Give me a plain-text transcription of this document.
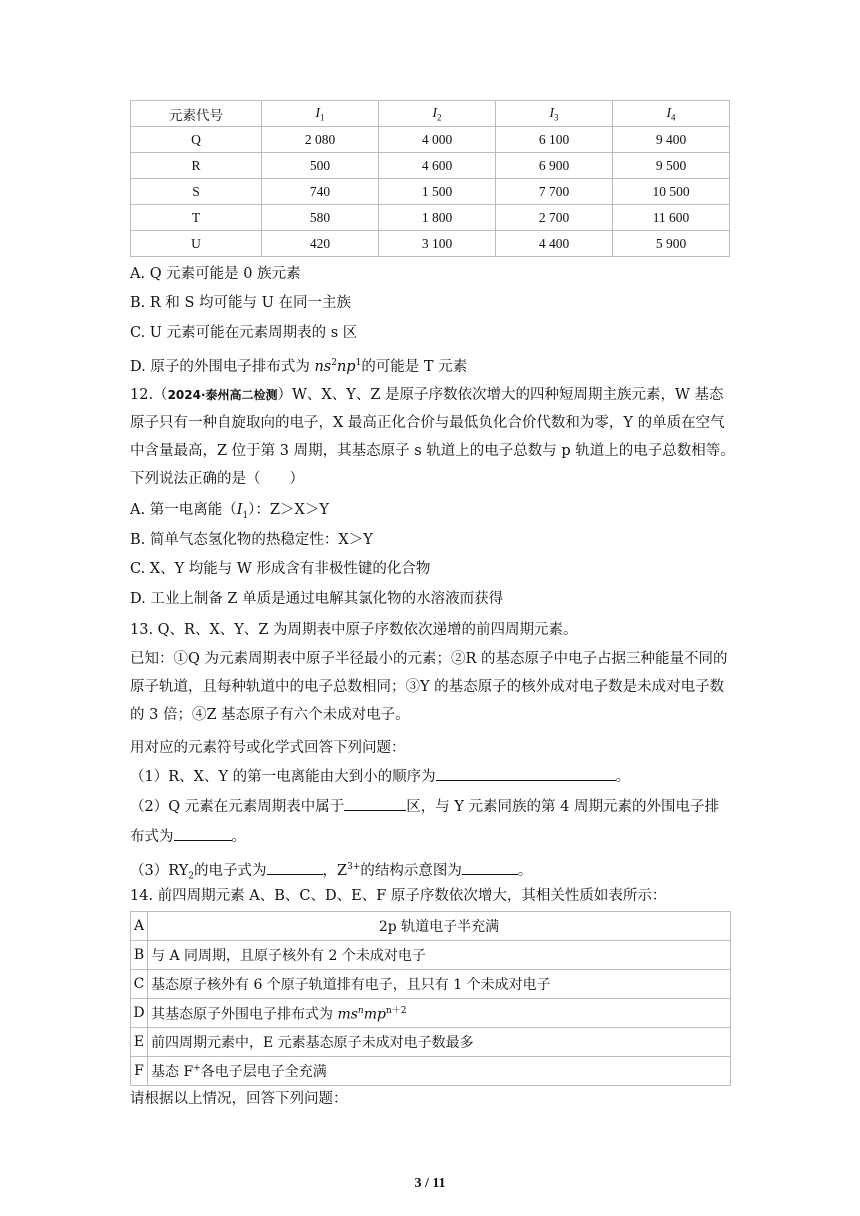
元素代号	$I_1$	$I_2$	$I_3$	$I_4$
Q	2 080	4 000	6 100	9 400
R	500	4 600	6 900	9 500
S	740	1 500	7 700	10 500
T	580	1 800	2 700	11 600
U	420	3 100	4 400	5 900
A. Q 元素可能是 0 族元素
B. R 和 S 均可能与 U 在同一主族
C. U 元素可能在元素周期表的 s 区
D. 原子的外围电子排布式为 $ns^2np^1$的可能是 T 元素

12.（2024·泰州高二检测）W、X、Y、Z 是原子序数依次增大的四种短周期主族元素，W 基态原子只有一种自旋取向的电子，X 最高正化合价与最低负化合价代数和为零，Y 的单质在空气中含量最高，Z 位于第 3 周期，其基态原子 s 轨道上的电子总数与 p 轨道上的电子总数相等。下列说法正确的是（　　）

A. 第一电离能$(I_1)$：Z＞X＞Y
B. 简单气态氢化物的热稳定性：X＞Y
C. X、Y 均能与 W 形成含有非极性键的化合物
D. 工业上制备 Z 单质是通过电解其氯化物的水溶液而获得
13. Q、R、X、Y、Z 为周期表中原子序数依次递增的前四周期元素。

已知：①Q 为元素周期表中原子半径最小的元素；②R 的基态原子中电子占据三种能量不同的原子轨道，且每种轨道中的电子总数相同；③Y 的基态原子的核外成对电子数是未成对电子数的 3 倍；④Z 基态原子有六个未成对电子。

用对应的元素符号或化学式回答下列问题：
（1）R、X、Y 的第一电离能由大到小的顺序为	。
（2）Q 元素在元素周期表中属于	区，与 Y 元素同族的第 4 周期元素的外围电子排
布式为	。
$(3)RY_2$的电子式为	，$Z^{3+}$的结构示意图为	。
14. 前四周期元素 A、B、C、D、E、F 原子序数依次增大，其相关性质如表所示：
A	2p 轨道电子半充满
B	与 A 同周期，且原子核外有 2 个未成对电子
C	基态原子核外有 6 个原子轨道排有电子，且只有 1 个未成对电子
D	其基态原子外围电子排布式为 $ms^nmp^{n+2}$
E	前四周期元素中，E 元素基态原子未成对电子数最多
F	基态 F+各电子层电子全充满
请根据以上情况，回答下列问题：
3 / 11
